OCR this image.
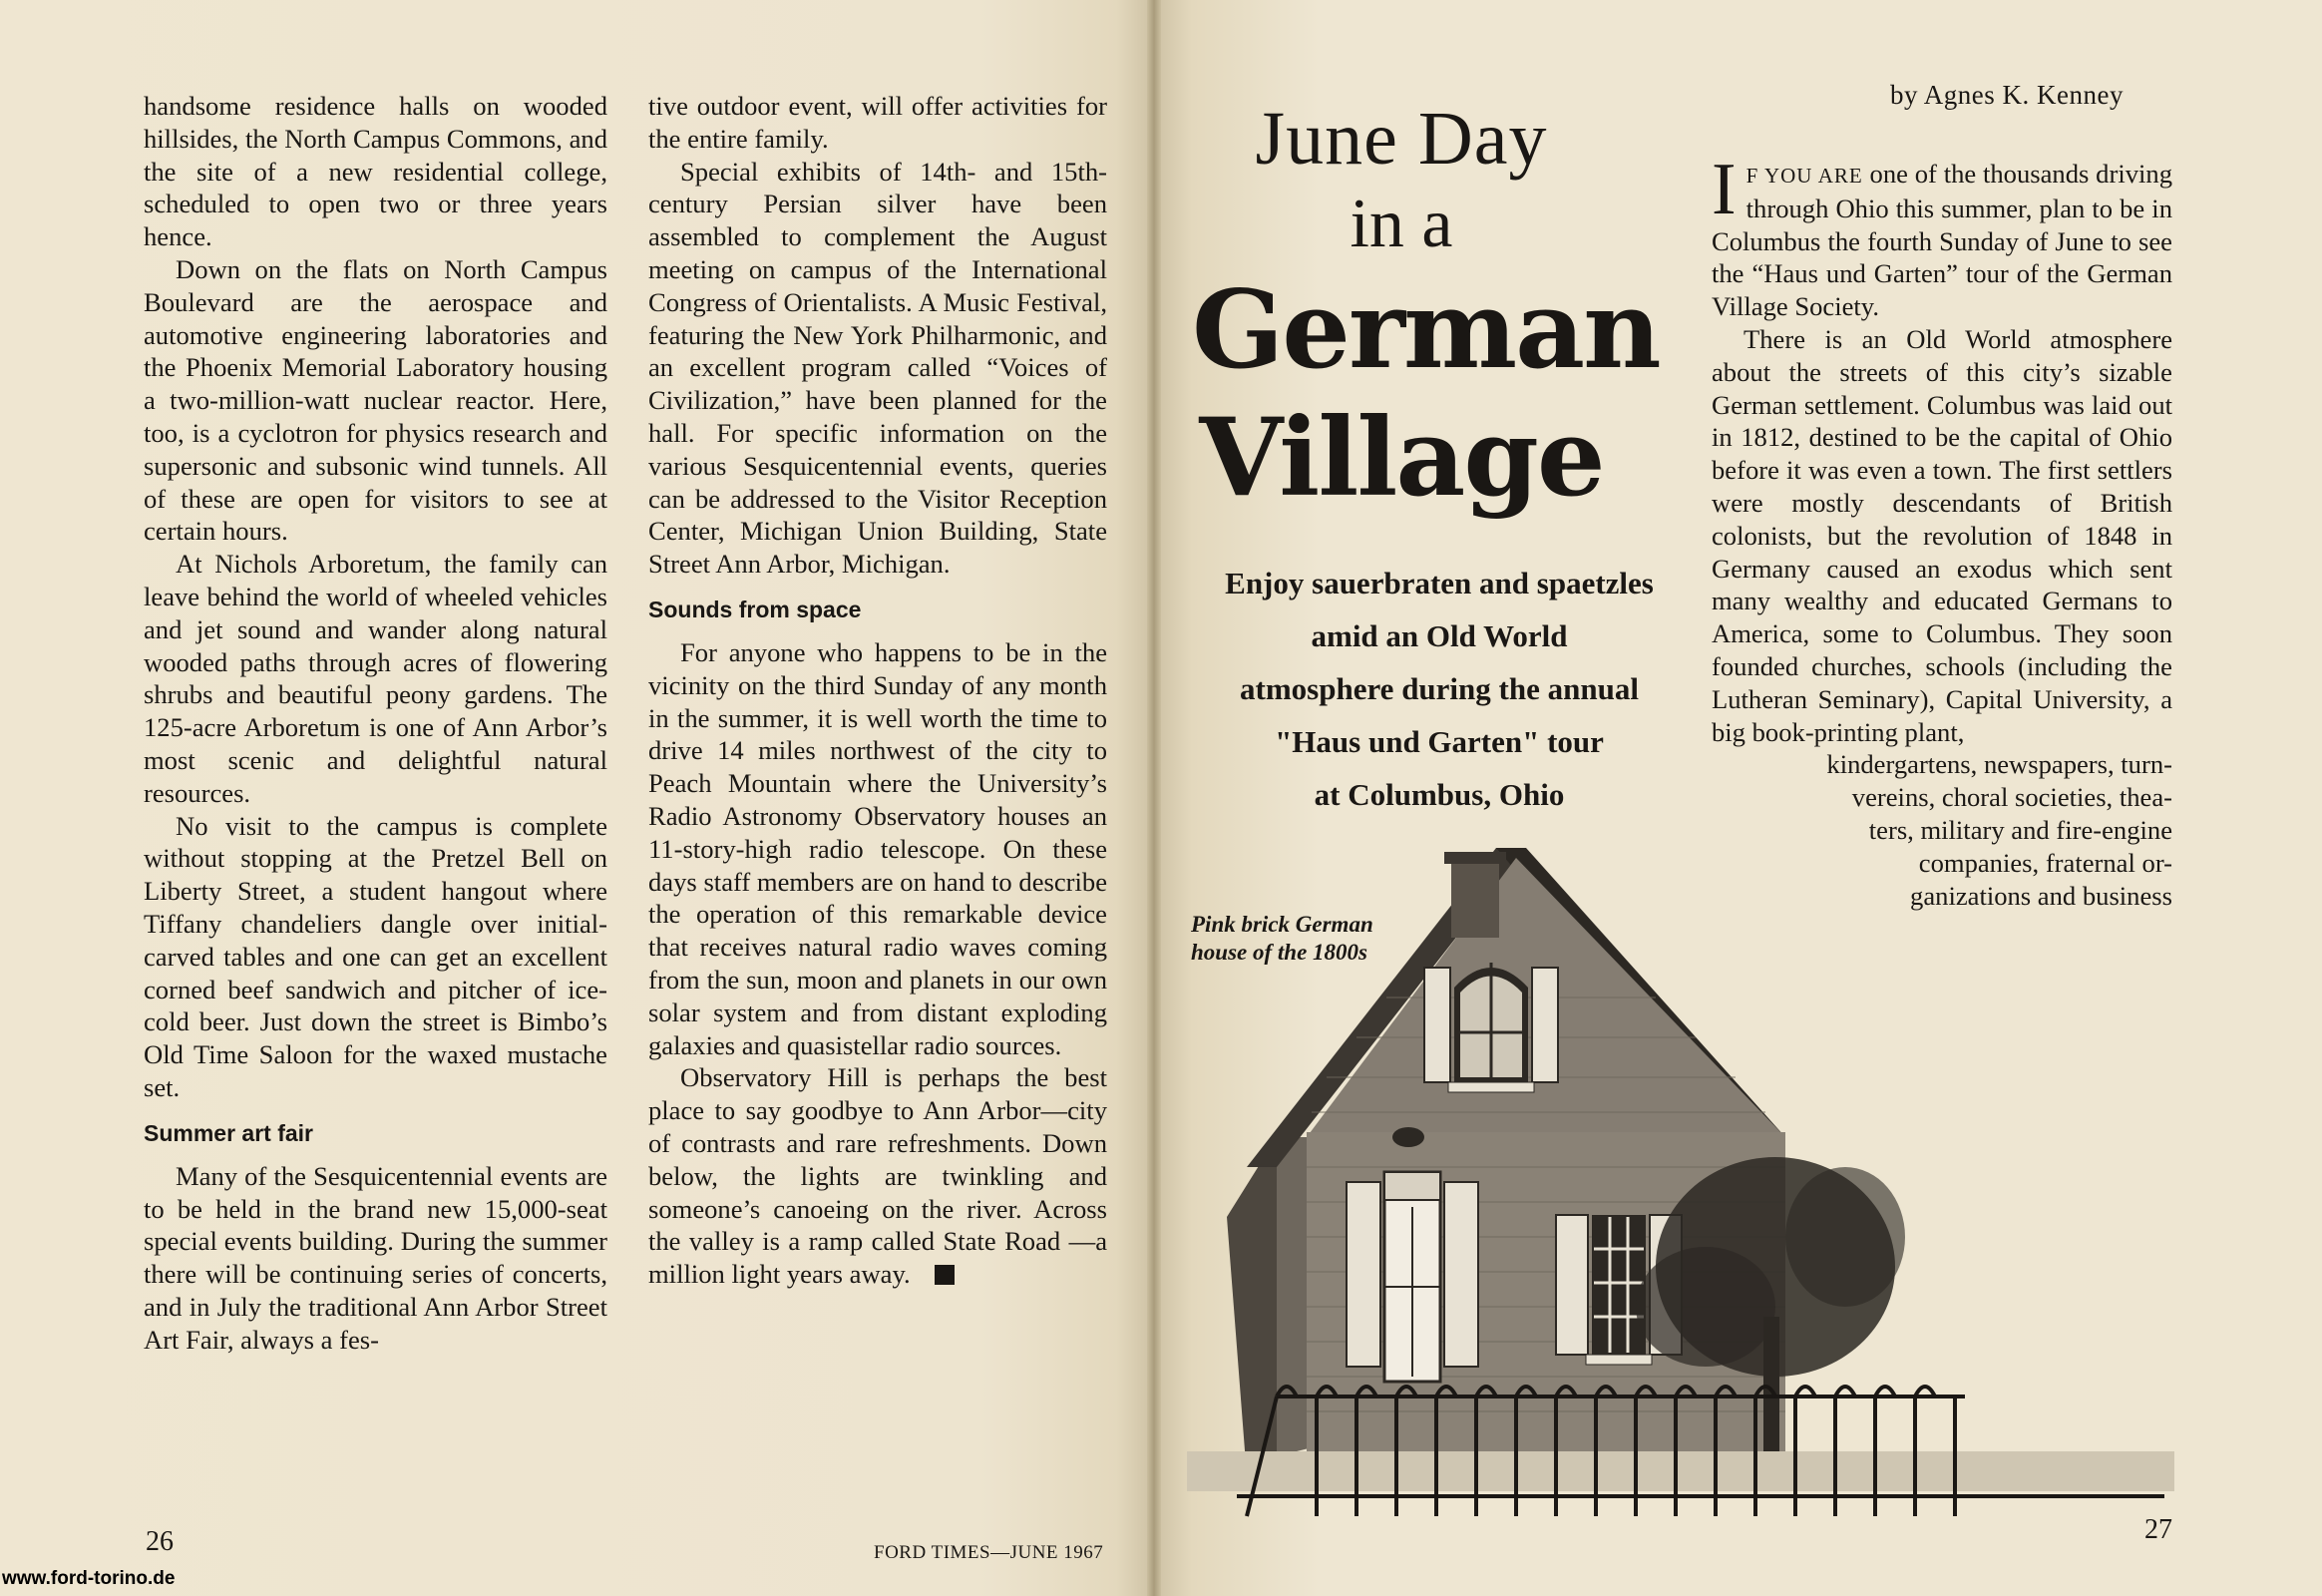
handsome residence halls on wooded hillsides, the North Campus Commons, and the site of a new residential college, scheduled to open two or three years hence.

Down on the flats on North Campus Boulevard are the aerospace and automotive engineering laboratories and the Phoenix Memorial Laboratory housing a two-million-watt nuclear reactor. Here, too, is a cyclotron for physics research and supersonic and subsonic wind tunnels. All of these are open for visitors to see at certain hours.

At Nichols Arboretum, the family can leave behind the world of wheeled vehicles and jet sound and wander along natural wooded paths through acres of flowering shrubs and beautiful peony gardens. The 125-acre Arboretum is one of Ann Arbor’s most scenic and delightful natural resources.

No visit to the campus is complete without stopping at the Pretzel Bell on Liberty Street, a student hangout where Tiffany chandeliers dangle over initial-carved tables and one can get an excellent corned beef sandwich and pitcher of ice-cold beer. Just down the street is Bimbo’s Old Time Saloon for the waxed mustache set.

Summer art fair

Many of the Sesquicentennial events are to be held in the brand new 15,000-seat special events building. During the summer there will be continuing series of concerts, and in July the traditional Ann Arbor Street Art Fair, always a fes-

tive outdoor event, will offer activities for the entire family.

Special exhibits of 14th- and 15th-century Persian silver have been assembled to complement the August meeting on campus of the International Congress of Orientalists. A Music Festival, featuring the New York Philharmonic, and an excellent program called “Voices of Civilization,” have been planned for the hall. For specific information on the various Sesquicentennial events, queries can be addressed to the Visitor Reception Center, Michigan Union Building, State Street Ann Arbor, Michigan.

Sounds from space

For anyone who happens to be in the vicinity on the third Sunday of any month in the summer, it is well worth the time to drive 14 miles northwest of the city to Peach Mountain where the University’s Radio Astronomy Observatory houses an 11-story-high radio telescope. On these days staff members are on hand to describe the operation of this remarkable device that receives natural radio waves coming from the sun, moon and planets in our own solar system and from distant exploding galaxies and quasistellar radio sources.

Observatory Hill is perhaps the best place to say goodbye to Ann Arbor—city of contrasts and rare refreshments. Down below, the lights are twinkling and someone’s canoeing on the river. Across the valley is a ramp called State Road —a million light years away.

26	FORD TIMES—JUNE 1967
www.ford-torino.de
by Agnes K. Kenney
June Day
in a
German
Village
Enjoy sauerbraten and spaetzles
amid an Old World
atmosphere during the annual
"Haus und Garten" tour
at Columbus, Ohio

I F YOU ARE one of the thousands driving through Ohio this summer, plan to be in Columbus the fourth Sunday of June to see the “Haus und Garten” tour of the German Village Society.

There is an Old World atmosphere about the streets of this city’s sizable German settlement. Columbus was laid out in 1812, destined to be the capital of Ohio before it was even a town. The first settlers were mostly descendants of British colonists, but the revolution of 1848 in Germany caused an exodus which sent many wealthy and educated Germans to America, some to Columbus. They soon founded churches, schools (including the Lutheran Seminary), Capital University, a big book-printing plant,

kindergartens, newspapers, turn-
vereins, choral societies, thea-
ters, military and fire-engine
companies, fraternal or-
ganizations and business
Pink brick German
house of the 1800s
27
